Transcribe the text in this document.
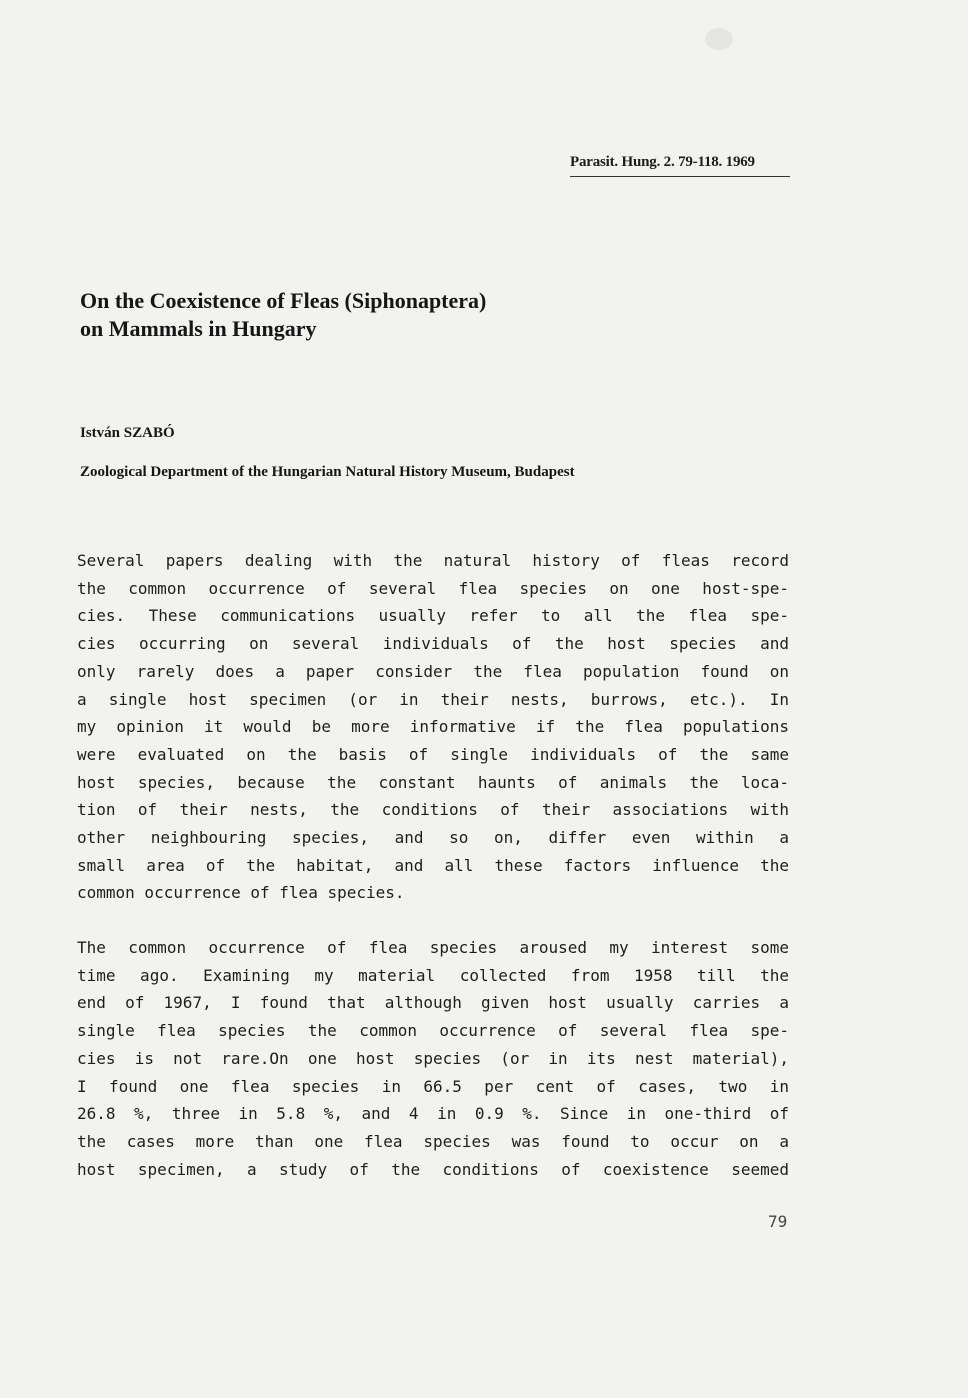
Parasit. Hung. 2. 79-118. 1969
On the Coexistence of Fleas (Siphonaptera)
on Mammals in Hungary
István SZABÓ
Zoological Department of the Hungarian Natural History Museum, Budapest
Several papers dealing with the natural history of fleas record
the common occurrence of several flea species on one host-spe-
cies. These communications usually refer to all the flea spe-
cies occurring on several individuals of the host species and
only rarely does a paper consider the flea population found on
a single host specimen (or in their nests, burrows, etc.). In
my opinion it would be more informative if the flea populations
were evaluated on the basis of single individuals of the same
host species, because the constant haunts of animals the loca-
tion of their nests, the conditions of their associations with
other neighbouring species, and so on, differ even within a
small area of the habitat, and all these factors influence the
common occurrence of flea species.
The common occurrence of flea species aroused my interest some
time ago. Examining my material collected from 1958 till the
end of 1967, I found that although given host usually carries a
single flea species the common occurrence of several flea spe-
cies is not rare.On one host species (or in its nest material),
I found one flea species in 66.5 per cent of cases, two in
26.8 %, three in 5.8 %, and 4 in 0.9 %. Since in one-third of
the cases more than one flea species was found to occur on a
host specimen, a study of the conditions of coexistence seemed
79
